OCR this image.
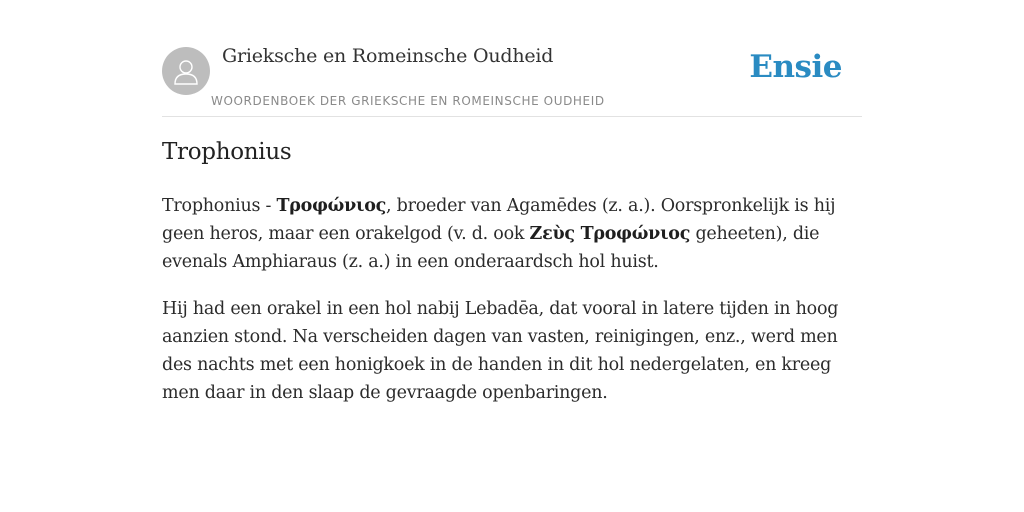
Grieksche en Romeinsche Oudheid
WOORDENBOEK DER GRIEKSCHE EN ROMEINSCHE OUDHEID
Ensie
Trophonius

Trophonius - Τροφώνιος, broeder van Agamēdes (z. a.). Oorspronkelijk is hij geen heros, maar een orakelgod (v. d. ook Ζεὺς Τροφώνιος geheeten), die evenals Amphiaraus (z. a.) in een onderaardsch hol huist.

Hij had een orakel in een hol nabij Lebadēa, dat vooral in latere tijden in hoog aanzien stond. Na verscheiden dagen van vasten, reinigingen, enz., werd men des nachts met een honigkoek in de handen in dit hol nedergelaten, en kreeg men daar in den slaap de gevraagde openbaringen.
